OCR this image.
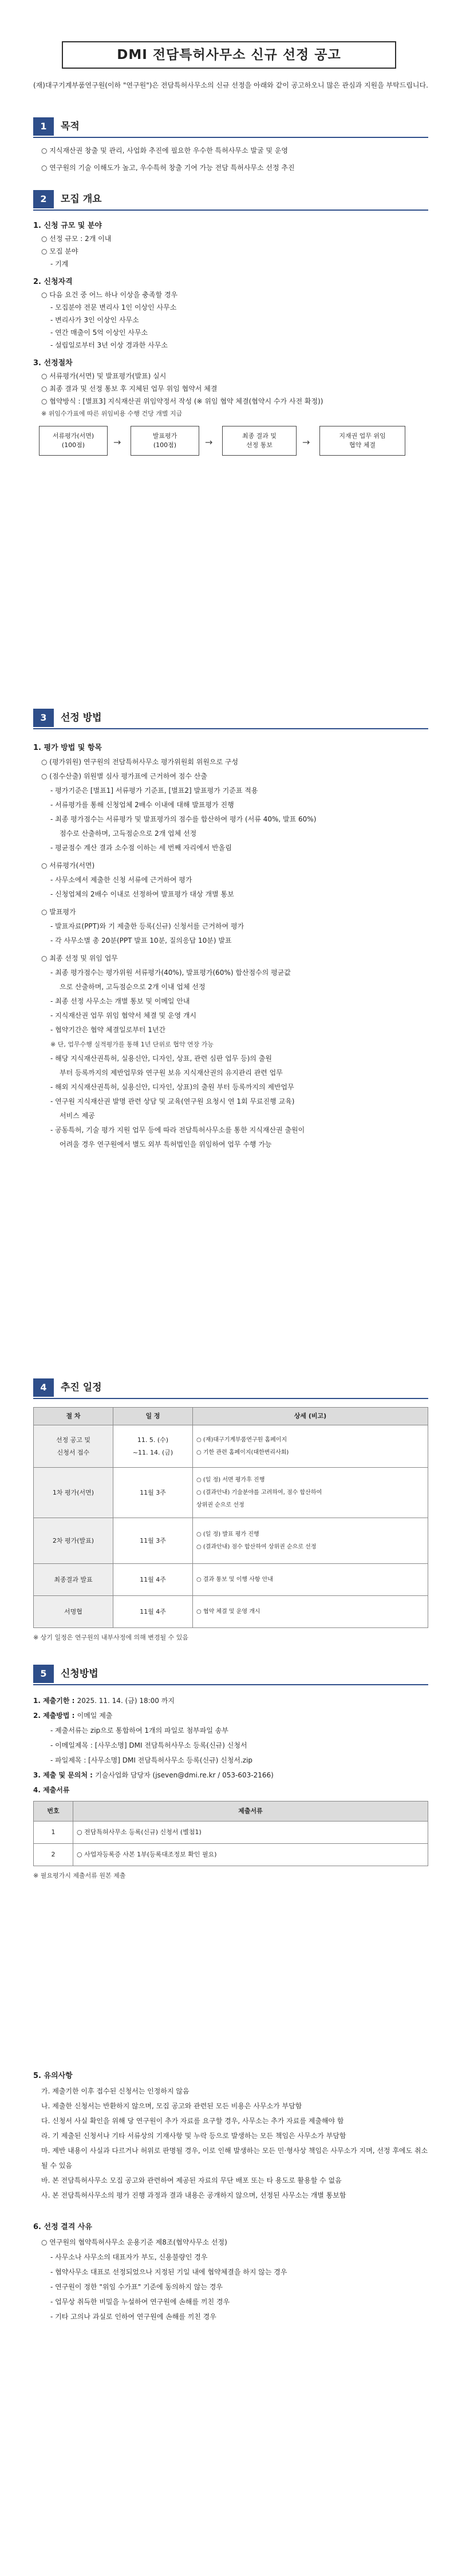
DMI 전담특허사무소 신규 선정 공고
(재)대구기계부품연구원(이하 "연구원")은 전담특허사무소의 신규 선정을 아래와 같이 공고하오니 많은 관심과 지원을 부탁드립니다.
1	목적
○ 지식재산권 창출 및 관리, 사업화 추진에 필요한 우수한 특허사무소 발굴 및 운영
○ 연구원의 기술 이해도가 높고, 우수특허 창출 기여 가능 전담 특허사무소 선정 추진
2	모집 개요
1. 신청 규모 및 분야
○ 선정 규모 : 2개 이내
○ 모집 분야
- 기계
2. 신청자격
○ 다음 요건 중 어느 하나 이상을 충족할 경우
- 모집분야 전문 변리사 1인 이상인 사무소
- 변리사가 3인 이상인 사무소
- 연간 매출이 5억 이상인 사무소
- 설립일로부터 3년 이상 경과한 사무소
3. 선정절차
○ 서류평가(서면) 및 발표평가(발표) 실시
○ 최종 결과 및 선정 통보 후 지체된 업무 위임 협약서 체결
○ 협약방식 : [별표3] 지식재산권 위임약정서 작성 (※ 위임 협약 체결(협약시 수가 사전 확정))
※ 위임수가표에 따른 위임비용 수행 건당 개별 지급
서류평가(서면)
(100점)	→
발표평가
(100점)	→
최종 결과 및
선정 통보	→
지재권 업무 위임
협약 체결
3	선정 방법
1. 평가 방법 및 항목
○ (평가위원) 연구원의 전담특허사무소 평가위원회 위원으로 구성
○ (점수산출) 위원별 심사 평가표에 근거하여 점수 산출
- 평가기준은 [별표1] 서류평가 기준표, [별표2] 발표평가 기준표 적용
- 서류평가를 통해 신청업체 2배수 이내에 대해 발표평가 진행
- 최종 평가점수는 서류평가 및 발표평가의 점수를 합산하여 평가 (서류 40%, 발표 60%)
점수로 산출하며, 고득점순으로 2개 업체 선정
- 평균점수 계산 결과 소수점 이하는 세 번째 자리에서 반올림
○ 서류평가(서면)
- 사무소에서 제출한 신청 서류에 근거하여 평가
- 신청업체의 2배수 이내로 선정하여 발표평가 대상 개별 통보
○ 발표평가
- 발표자료(PPT)와 기 제출한 등록(신규) 신청서를 근거하여 평가
- 각 사무소별 총 20분(PPT 발표 10분, 질의응답 10분) 발표
○ 최종 선정 및 위임 업무
- 최종 평가점수는 평가위원 서류평가(40%), 발표평가(60%) 합산점수의 평균값
으로 산출하며, 고득점순으로 2개 이내 업체 선정
- 최종 선정 사무소는 개별 통보 및 이메일 안내
- 지식재산권 업무 위임 협약서 체결 및 운영 개시
- 협약기간은 협약 체결일로부터 1년간
※ 단, 업무수행 실적평가를 통해 1년 단위로 협약 연장 가능
- 해당 지식재산권특허, 실용신안, 디자인, 상표, 관련 심판 업무 등)의 출원
부터 등록까지의 제반업무와 연구원 보유 지식재산권의 유지관리 관련 업무
- 해외 지식재산권특허, 실용신안, 디자인, 상표)의 출원 부터 등록까지의 제반업무
- 연구원 지식재산권 발명 관련 상담 및 교육(연구원 요청시 연 1회 무료진행 교육)
서비스 제공
- 공동특허, 기술 평가 지원 업무 등에 따라 전담특허사무소를 통한 지식재산권 출원이
어려울 경우 연구원에서 별도 외부 특허법인을 위임하여 업무 수행 가능
4	추진 일정
절 차	일 정	상세 (비고)
선정 공고 및
신청서 접수	11. 5. (수)
~11. 14. (금)	○ (재)대구기계부품연구원 홈페이지
○ 기한 관련 홈페이지(대한변리사회)
1차 평가(서면)	11월 3주	○ (일 정) 서면 평가후 진행
○ (결과안내) 기술분야를 고려하여, 점수 합산하여
상위권 순으로 선정
2차 평가(발표)	11월 3주	○ (일 정) 발표 평가 진행
○ (결과안내) 점수 합산하여 상위권 순으로 선정
최종결과 발표	11월 4주	○ 결과 통보 및 이행 사항 안내
서명협	11월 4주	○ 협약 체결 및 운영 개시
※ 상기 일정은 연구원의 내부사정에 의해 변경될 수 있음
5	신청방법
1. 제출기한 : 2025. 11. 14. (금) 18:00 까지
2. 제출방법 : 이메일 제출
- 제출서류는 zip으로 통합하여 1개의 파일로 첨부파일 송부
- 이메일제목 : [사무소명] DMI 전담특허사무소 등록(신규) 신청서
- 파일제목 : [사무소명] DMI 전담특허사무소 등록(신규) 신청서.zip
3. 제출 및 문의처 : 기술사업화 담당자 (jseven@dmi.re.kr / 053-603-2166)
4. 제출서류
번호	제출서류
1	○ 전담특허사무소 등록(신규) 신청서 (별첨1)
2	○ 사업자등록증 사본 1부(등록대조정보 확인 필요)
※ 필요평가시 제출서류 원본 제출
5. 유의사항
가. 제출기한 이후 접수된 신청서는 인정하지 않음
나. 제출한 신청서는 반환하지 않으며, 모집 공고와 관련된 모든 비용은 사무소가 부담함
다. 신청서 사실 확인을 위해 당 연구원이 추가 자료를 요구할 경우, 사무소는 추가 자료를 제출해야 함
라. 기 제출된 신청서나 기타 서류상의 기재사항 및 누락 등으로 발생하는 모든 책임은 사무소가 부담함
마. 제반 내용이 사실과 다르거나 허위로 판명될 경우, 이로 인해 발생하는 모든 민·형사상 책임은 사무소가 지며, 선정 후에도 취소 될 수 있음
바. 본 전담특허사무소 모집 공고와 관련하여 제공된 자료의 무단 배포 또는 타 용도로 활용할 수 없음
사. 본 전담특허사무소의 평가 진행 과정과 결과 내용은 공개하지 않으며, 선정된 사무소는 개별 통보함
6. 선정 결격 사유
○ 연구원의 협약특허사무소 운용기준 제8조(협약사무소 선정)
- 사무소나 사무소의 대표자가 부도, 신용불량인 경우
- 협약사무소 대표로 선정되었으나 지정된 기일 내에 협약체결을 하지 않는 경우
- 연구원이 정한 "위임 수가표" 기준에 동의하지 않는 경우
- 업무상 취득한 비밀을 누설하여 연구원에 손해를 끼친 경우
- 기타 고의나 과실로 인하여 연구원에 손해를 끼친 경우
